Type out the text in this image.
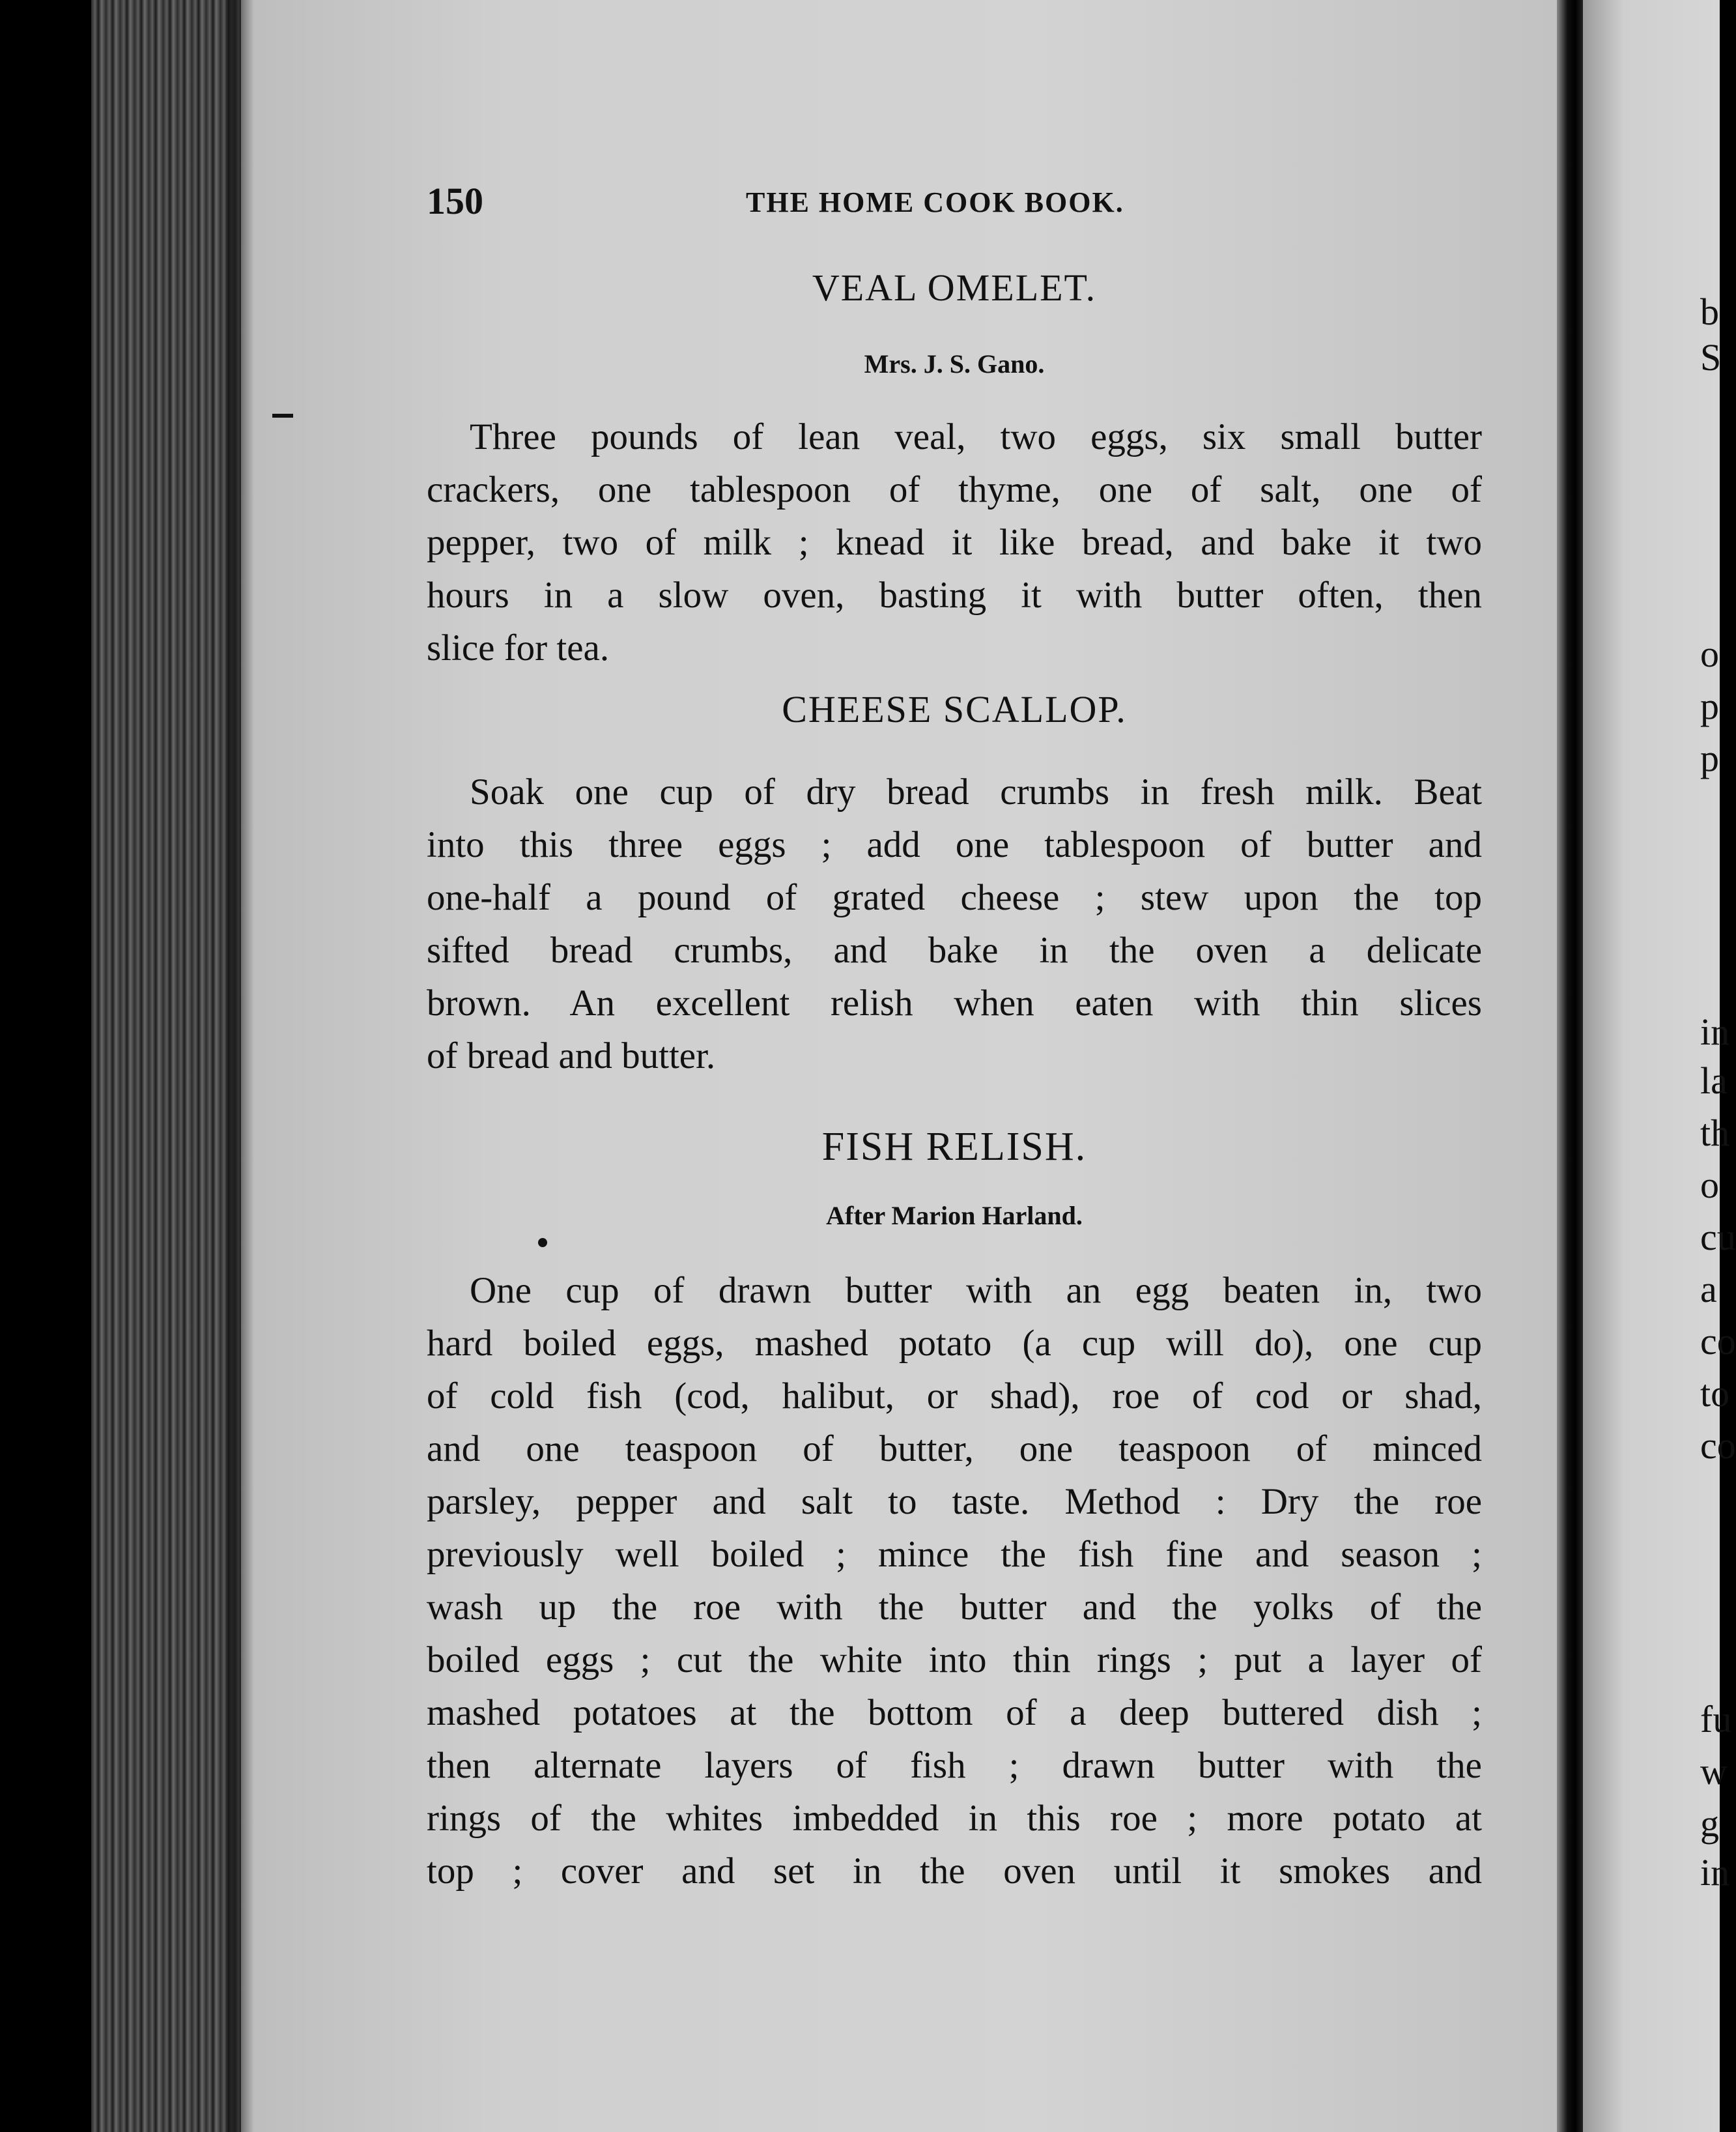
b
S
o
p
p
in
la
th
o
cu
a
co
to
co
fu
w
g
in
150	THE HOME COOK BOOK.
VEAL OMELET.
Mrs. J. S. Gano.
Three pounds of lean veal, two eggs, six small butter
crackers, one tablespoon of thyme, one of salt, one of
pepper, two of milk ; knead it like bread, and bake it two
hours in a slow oven, basting it with butter often, then
slice for tea.
CHEESE SCALLOP.
Soak one cup of dry bread crumbs in fresh milk. Beat
into this three eggs ; add one tablespoon of butter and
one-half a pound of grated cheese ; stew upon the top
sifted bread crumbs, and bake in the oven a delicate
brown. An excellent relish when eaten with thin slices
of bread and butter.
FISH RELISH.
After Marion Harland.
One cup of drawn butter with an egg beaten in, two
hard boiled eggs, mashed potato (a cup will do), one cup
of cold fish (cod, halibut, or shad), roe of cod or shad,
and one teaspoon of butter, one teaspoon of minced
parsley, pepper and salt to taste. Method : Dry the roe
previously well boiled ; mince the fish fine and season ;
wash up the roe with the butter and the yolks of the
boiled eggs ; cut the white into thin rings ; put a layer of
mashed potatoes at the bottom of a deep buttered dish ;
then alternate layers of fish ; drawn butter with the
rings of the whites imbedded in this roe ; more potato at
top ; cover and set in the oven until it smokes and
